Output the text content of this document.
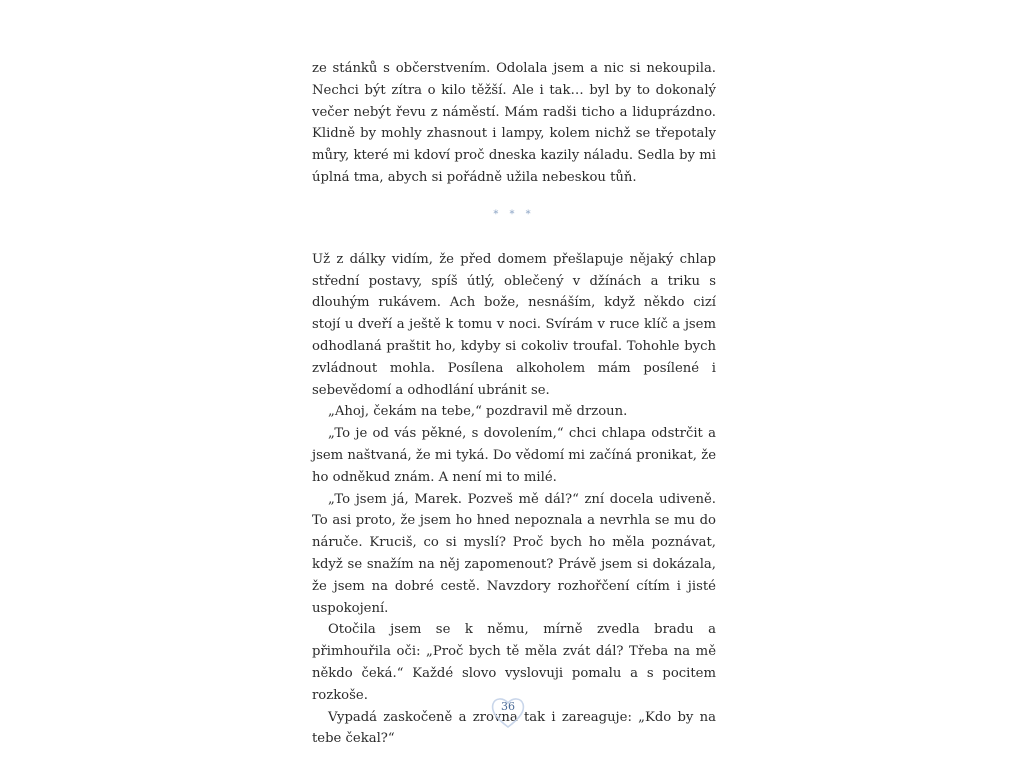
ze stánků s občerstvením. Odolala jsem a nic si nekoupila. Nechci být zítra o kilo těžší. Ale i tak… byl by to dokonalý večer nebýt řevu z náměstí. Mám radši ticho a liduprázdno. Klidně by mohly zhasnout i lampy, kolem nichž se třepotaly můry, které mi kdoví proč dneska kazily náladu. Sedla by mi úplná tma, abych si pořádně užila nebeskou tůň.

* * *

Už z dálky vidím, že před domem přešlapuje nějaký chlap střední postavy, spíš útlý, oblečený v džínách a triku s dlouhým rukávem. Ach bože, nesnáším, když někdo cizí stojí u dveří a ještě k tomu v noci. Svírám v ruce klíč a jsem odhodlaná praštit ho, kdyby si cokoliv troufal. Tohohle bych zvládnout mohla. Posílena alkoholem mám posílené i sebevědomí a odhodlání ubránit se.

„Ahoj, čekám na tebe,“ pozdravil mě drzoun.

„To je od vás pěkné, s dovolením,“ chci chlapa odstrčit a jsem naštvaná, že mi tyká. Do vědomí mi začíná pronikat, že ho odněkud znám. A není mi to milé.

„To jsem já, Marek. Pozveš mě dál?“ zní docela udiveně. To asi proto, že jsem ho hned nepoznala a nevrhla se mu do náruče. Kruciš, co si myslí? Proč bych ho měla poznávat, když se snažím na něj zapomenout? Právě jsem si dokázala, že jsem na dobré cestě. Navzdory rozhořčení cítím i jisté uspokojení.

Otočila jsem se k němu, mírně zvedla bradu a přimhouřila oči: „Proč bych tě měla zvát dál? Třeba na mě někdo čeká.“ Každé slovo vyslovuji pomalu a s pocitem rozkoše.

Vypadá zaskočeně a zrovna tak i zareaguje: „Kdo by na tebe čekal?“

36
